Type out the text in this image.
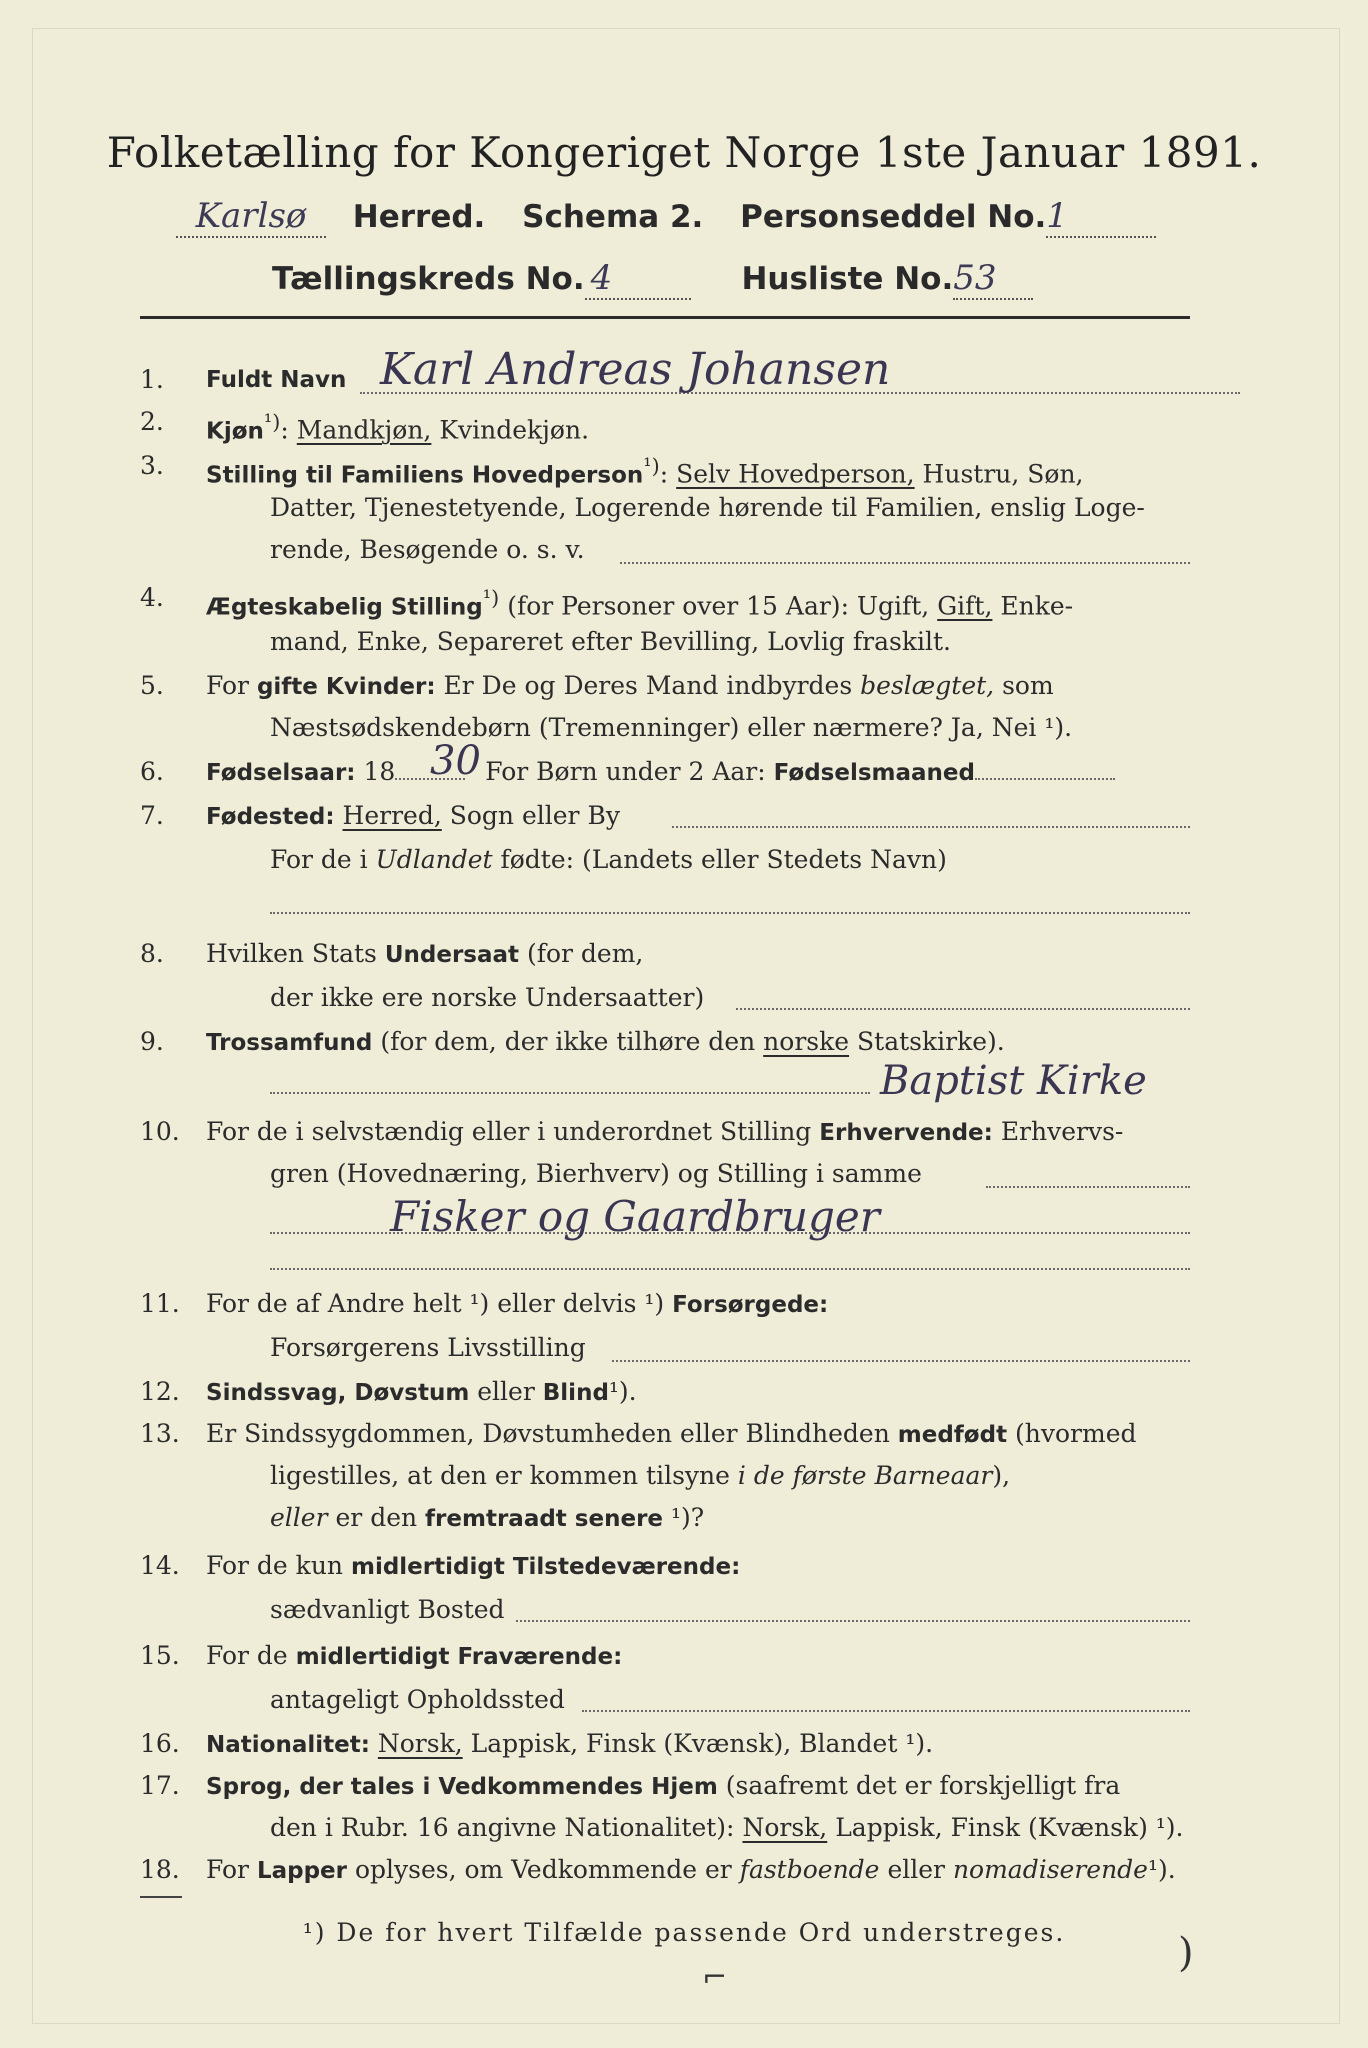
Folketælling for Kongeriget Norge 1ste Januar 1891.
Karlsø Herred. Schema 2. Personseddel No.1
Tællingskreds No. 4	Husliste No.53
1.	Fuldt Navn Karl Andreas Johansen
2.	Kjøn$^{^1)}$: Mandkjøn, Kvindekjøn.
3.	Stilling til Familiens Hovedperson$^{^1)}$: Selv Hovedperson, Hustru, Søn,
Datter, Tjenestetyende, Logerende hørende til Familien, enslig Loge-
rende, Besøgende o. s. v.
4.	Ægteskabelig Stilling$^{^1)}$ (for Personer over 15 Aar): Ugift, Gift, Enke-
mand, Enke, Separeret efter Bevilling, Lovlig fraskilt.
5.	For gifte Kvinder: Er De og Deres Mand indbyrdes beslægtet, som
Næstsødskendebørn (Tremenninger) eller nærmere? Ja, Nei ¹).
6.	Fødselsaar: 18	For Børn under 2 Aar: Fødselsmaaned
30
7.	Fødested: Herred, Sogn eller By
For de i Udlandet fødte: (Landets eller Stedets Navn)
8.	Hvilken Stats Undersaat (for dem,
der ikke ere norske Undersaatter)
9.	Trossamfund (for dem, der ikke tilhøre den norske Statskirke).
Baptist Kirke
10.	For de i selvstændig eller i underordnet Stilling Erhvervende: Erhvervs-
gren (Hovednæring, Bierhverv) og Stilling i samme
Fisker og Gaardbruger
11.	For de af Andre helt ¹) eller delvis ¹) Forsørgede:
Forsørgerens Livsstilling
12.	Sindssvag, Døvstum eller Blind¹).
13.	Er Sindssygdommen, Døvstumheden eller Blindheden medfødt (hvormed
ligestilles, at den er kommen tilsyne i de første Barneaar),
eller er den fremtraadt senere ¹)?
14.	For de kun midlertidigt Tilstedeværende:
sædvanligt Bosted
15.	For de midlertidigt Fraværende:
antageligt Opholdssted
16.	Nationalitet: Norsk, Lappisk, Finsk (Kvænsk), Blandet ¹).
17.	Sprog, der tales i Vedkommendes Hjem (saafremt det er forskjelligt fra
den i Rubr. 16 angivne Nationalitet): Norsk, Lappisk, Finsk (Kvænsk) ¹).
18.	For Lapper oplyses, om Vedkommende er fastboende eller nomadiserende¹).
¹) De for hvert Tilfælde passende Ord understreges.	)
⌐
